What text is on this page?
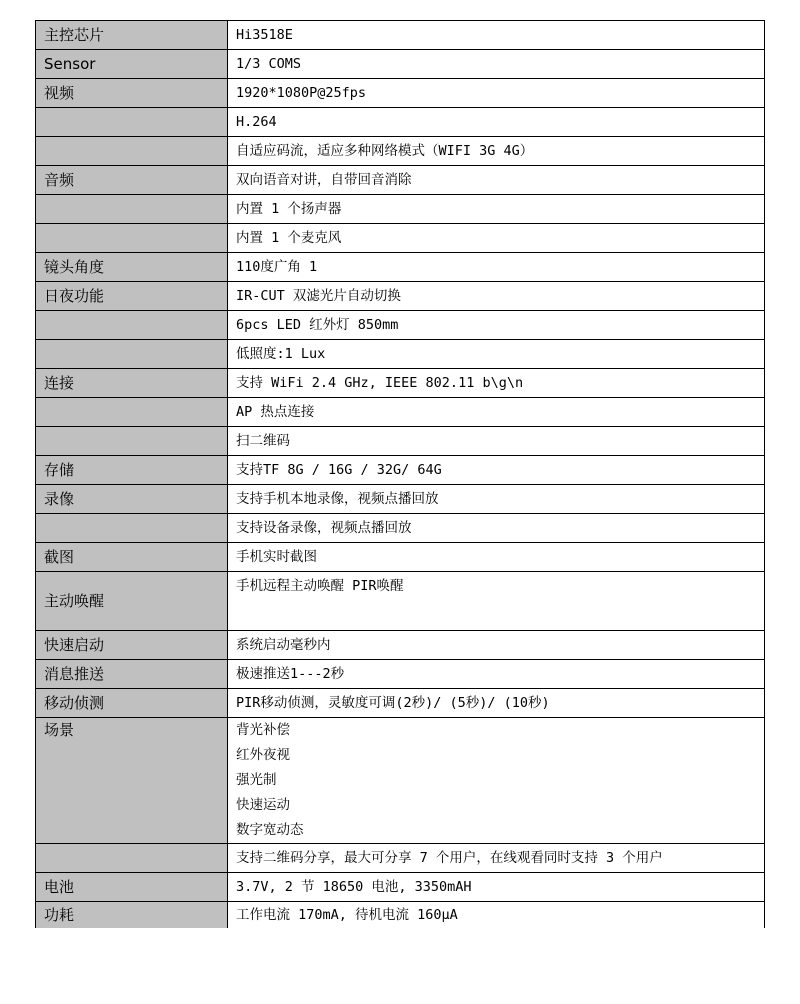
主控芯片	Hi3518E
Sensor	1/3 COMS
视频	1920*1080P@25fps
	H.264
	自适应码流，适应多种网络模式（WIFI 3G 4G）
音频	双向语音对讲，自带回音消除
	内置 1 个扬声器
	内置 1 个麦克风
镜头角度	110度广角 1
日夜功能	IR-CUT 双滤光片自动切换
	6pcs LED 红外灯 850mm
	低照度:1 Lux
连接	支持 WiFi 2.4 GHz, IEEE 802.11 b\g\n
	AP 热点连接
	扫二维码
存储	支持TF 8G / 16G / 32G/ 64G
录像	支持手机本地录像，视频点播回放
	支持设备录像，视频点播回放
截图	手机实时截图
主动唤醒	手机远程主动唤醒 PIR唤醒
快速启动	系统启动毫秒内
消息推送	极速推送1---2秒
移动侦测	PIR移动侦测，灵敏度可调(2秒)/ (5秒)/ (10秒)
场景	背光补偿
红外夜视
强光制
快速运动
数字宽动态

	支持二维码分享，最大可分享 7 个用户，在线观看同时支持 3 个用户
电池	3.7V, 2 节 18650 电池, 3350mAH
功耗	工作电流 170mA, 待机电流 160μA
